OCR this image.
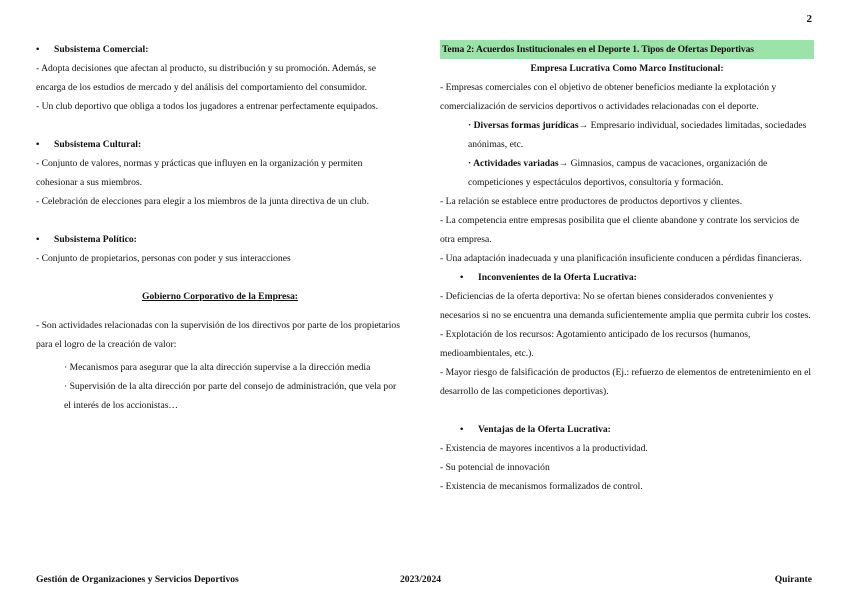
2

• Subsistema Comercial:

- Adopta decisiones que afectan al producto, su distribución y su promoción. Además, se encarga de los estudios de mercado y del análisis del comportamiento del consumidor.

- Un club deportivo que obliga a todos los jugadores a entrenar perfectamente equipados.

• Subsistema Cultural:

- Conjunto de valores, normas y prácticas que influyen en la organización y permiten cohesionar a sus miembros.

- Celebración de elecciones para elegir a los miembros de la junta directiva de un club.

• Subsistema Político:

- Conjunto de propietarios, personas con poder y sus interacciones

Gobierno Corporativo de la Empresa:

- Son actividades relacionadas con la supervisión de los directivos por parte de los propietarios para el logro de la creación de valor:

· Mecanismos para asegurar que la alta dirección supervise a la dirección media

· Supervisión de la alta dirección por parte del consejo de administración, que vela por el interés de los accionistas…

Tema 2: Acuerdos Institucionales en el Deporte 1. Tipos de Ofertas Deportivas

Empresa Lucrativa Como Marco Institucional:

- Empresas comerciales con el objetivo de obtener beneficios mediante la explotación y comercialización de servicios deportivos o actividades relacionadas con el deporte.

· Diversas formas jurídicas→ Empresario individual, sociedades limitadas, sociedades anónimas, etc.

· Actividades variadas→ Gimnasios, campus de vacaciones, organización de competiciones y espectáculos deportivos, consultoría y formación.

- La relación se establece entre productores de productos deportivos y clientes.

- La competencia entre empresas posibilita que el cliente abandone y contrate los servicios de otra empresa.

- Una adaptación inadecuada y una planificación insuficiente conducen a pérdidas financieras.

• Inconvenientes de la Oferta Lucrativa:

- Deficiencias de la oferta deportiva: No se ofertan bienes considerados convenientes y necesarios si no se encuentra una demanda suficientemente amplia que permita cubrir los costes.

- Explotación de los recursos: Agotamiento anticipado de los recursos (humanos, medioambientales, etc.).

- Mayor riesgo de falsificación de productos (Ej.: refuerzo de elementos de entretenimiento en el desarrollo de las competiciones deportivas).

• Ventajas de la Oferta Lucrativa:

- Existencia de mayores incentivos a la productividad.

- Su potencial de innovación

- Existencia de mecanismos formalizados de control.

Gestión de Organizaciones y Servicios Deportivos	2023/2024	Quirante
